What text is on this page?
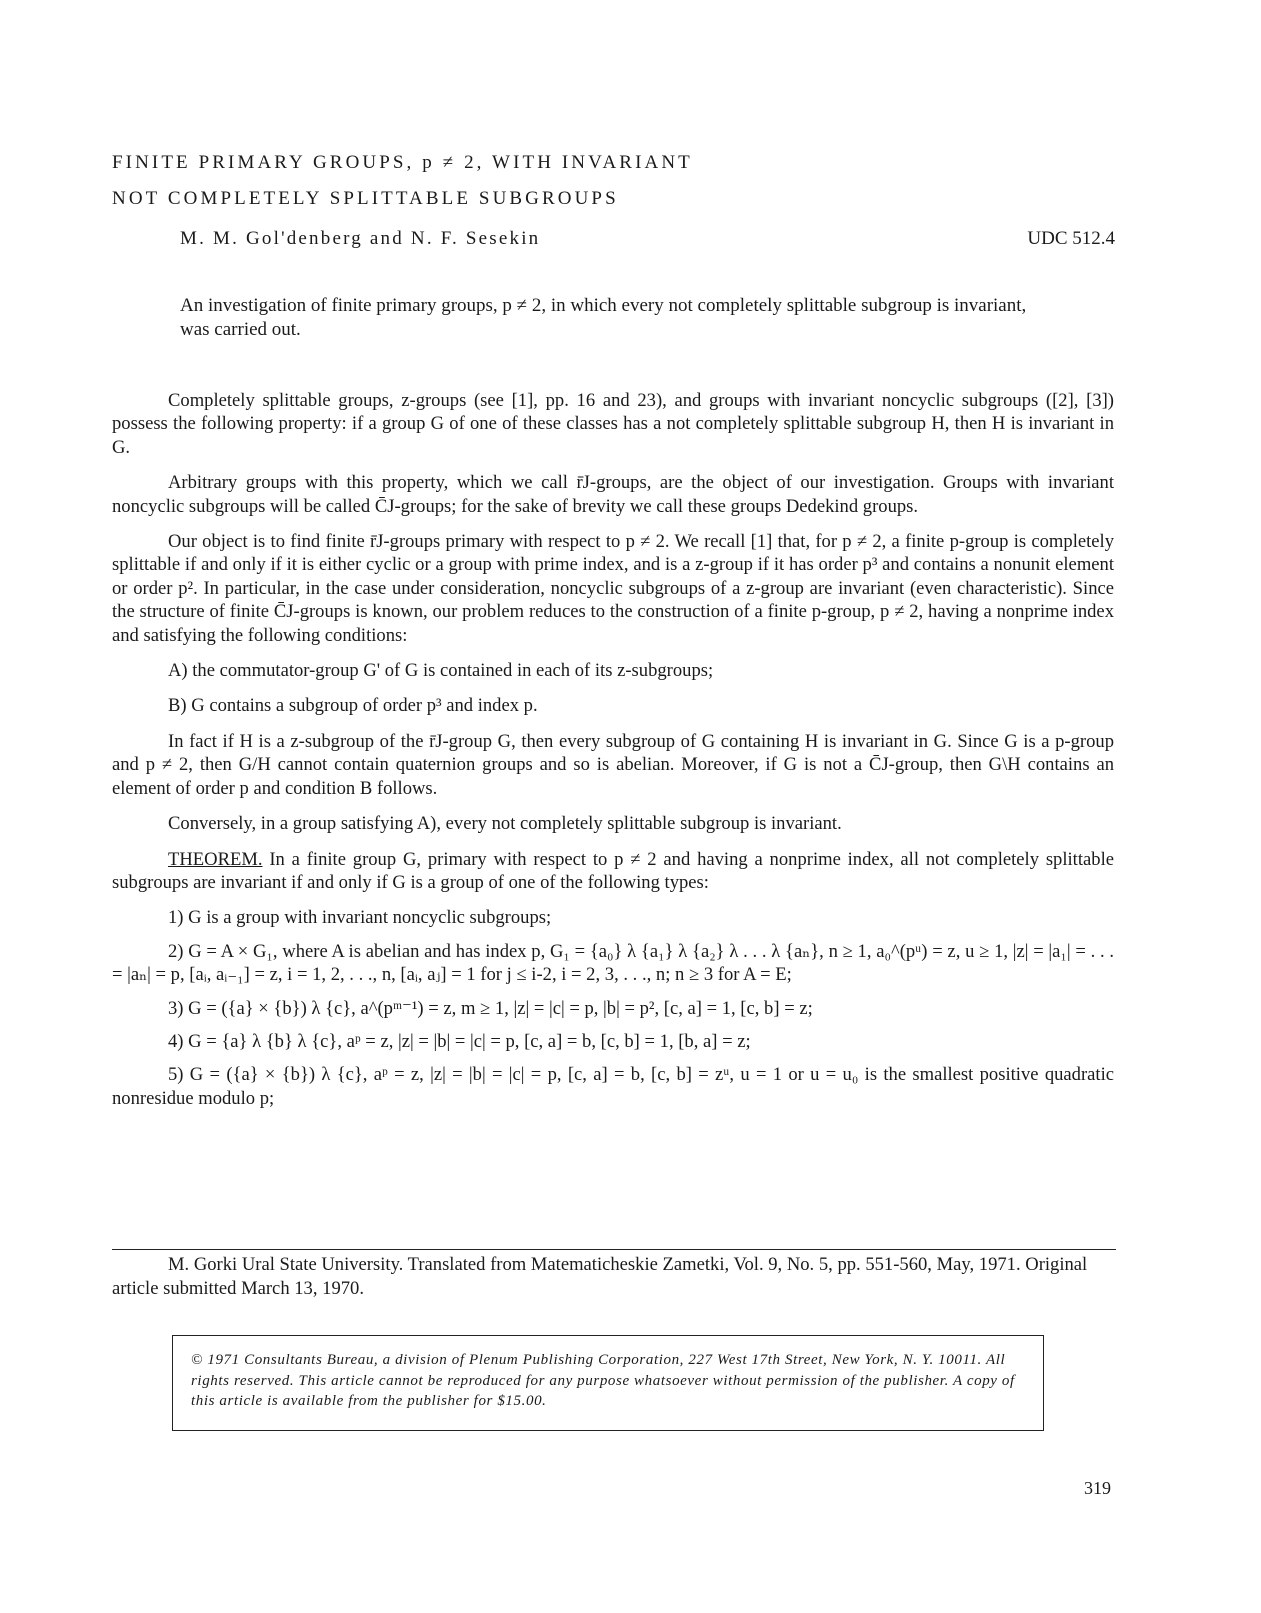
FINITE PRIMARY GROUPS, p ≠ 2, WITH INVARIANT
NOT COMPLETELY SPLITTABLE SUBGROUPS
M. M. Gol'denberg and N. F. Sesekin	UDC 512.4
An investigation of finite primary groups, p ≠ 2, in which every not completely splittable subgroup is invariant, was carried out.

Completely splittable groups, z-groups (see [1], pp. 16 and 23), and groups with invariant noncyclic subgroups ([2], [3]) possess the following property: if a group G of one of these classes has a not completely splittable subgroup H, then H is invariant in G.

Arbitrary groups with this property, which we call r̄J-groups, are the object of our investigation. Groups with invariant noncyclic subgroups will be called C̄J-groups; for the sake of brevity we call these groups Dedekind groups.

Our object is to find finite r̄J-groups primary with respect to p ≠ 2. We recall [1] that, for p ≠ 2, a finite p-group is completely splittable if and only if it is either cyclic or a group with prime index, and is a z-group if it has order p³ and contains a nonunit element or order p². In particular, in the case under consideration, noncyclic subgroups of a z-group are invariant (even characteristic). Since the structure of finite C̄J-groups is known, our problem reduces to the construction of a finite p-group, p ≠ 2, having a nonprime index and satisfying the following conditions:

A) the commutator-group G' of G is contained in each of its z-subgroups;

B) G contains a subgroup of order p³ and index p.

In fact if H is a z-subgroup of the r̄J-group G, then every subgroup of G containing H is invariant in G. Since G is a p-group and p ≠ 2, then G/H cannot contain quaternion groups and so is abelian. Moreover, if G is not a C̄J-group, then G\H contains an element of order p and condition B follows.

Conversely, in a group satisfying A), every not completely splittable subgroup is invariant.

THEOREM. In a finite group G, primary with respect to p ≠ 2 and having a nonprime index, all not completely splittable subgroups are invariant if and only if G is a group of one of the following types:

1) G is a group with invariant noncyclic subgroups;

2) G = A × G₁, where A is abelian and has index p, G₁ = {a₀} λ {a₁} λ {a₂} λ . . . λ {aₙ}, n ≥ 1, a₀^(pᵘ) = z, u ≥ 1, |z| = |a₁| = . . . = |aₙ| = p, [aᵢ, aᵢ₋₁] = z, i = 1, 2, . . ., n, [aᵢ, aⱼ] = 1 for j ≤ i-2, i = 2, 3, . . ., n; n ≥ 3 for A = E;

3) G = ({a} × {b}) λ {c}, a^(pᵐ⁻¹) = z, m ≥ 1, |z| = |c| = p, |b| = p², [c, a] = 1, [c, b] = z;

4) G = {a} λ {b} λ {c}, aᵖ = z, |z| = |b| = |c| = p, [c, a] = b, [c, b] = 1, [b, a] = z;

5) G = ({a} × {b}) λ {c}, aᵖ = z, |z| = |b| = |c| = p, [c, a] = b, [c, b] = zᵘ, u = 1 or u = u₀ is the smallest positive quadratic nonresidue modulo p;

M. Gorki Ural State University. Translated from Matematicheskie Zametki, Vol. 9, No. 5, pp. 551-560, May, 1971. Original article submitted March 13, 1970.
© 1971 Consultants Bureau, a division of Plenum Publishing Corporation, 227 West 17th Street, New York, N. Y. 10011. All rights reserved. This article cannot be reproduced for any purpose whatsoever without permission of the publisher. A copy of this article is available from the publisher for $15.00.
319
